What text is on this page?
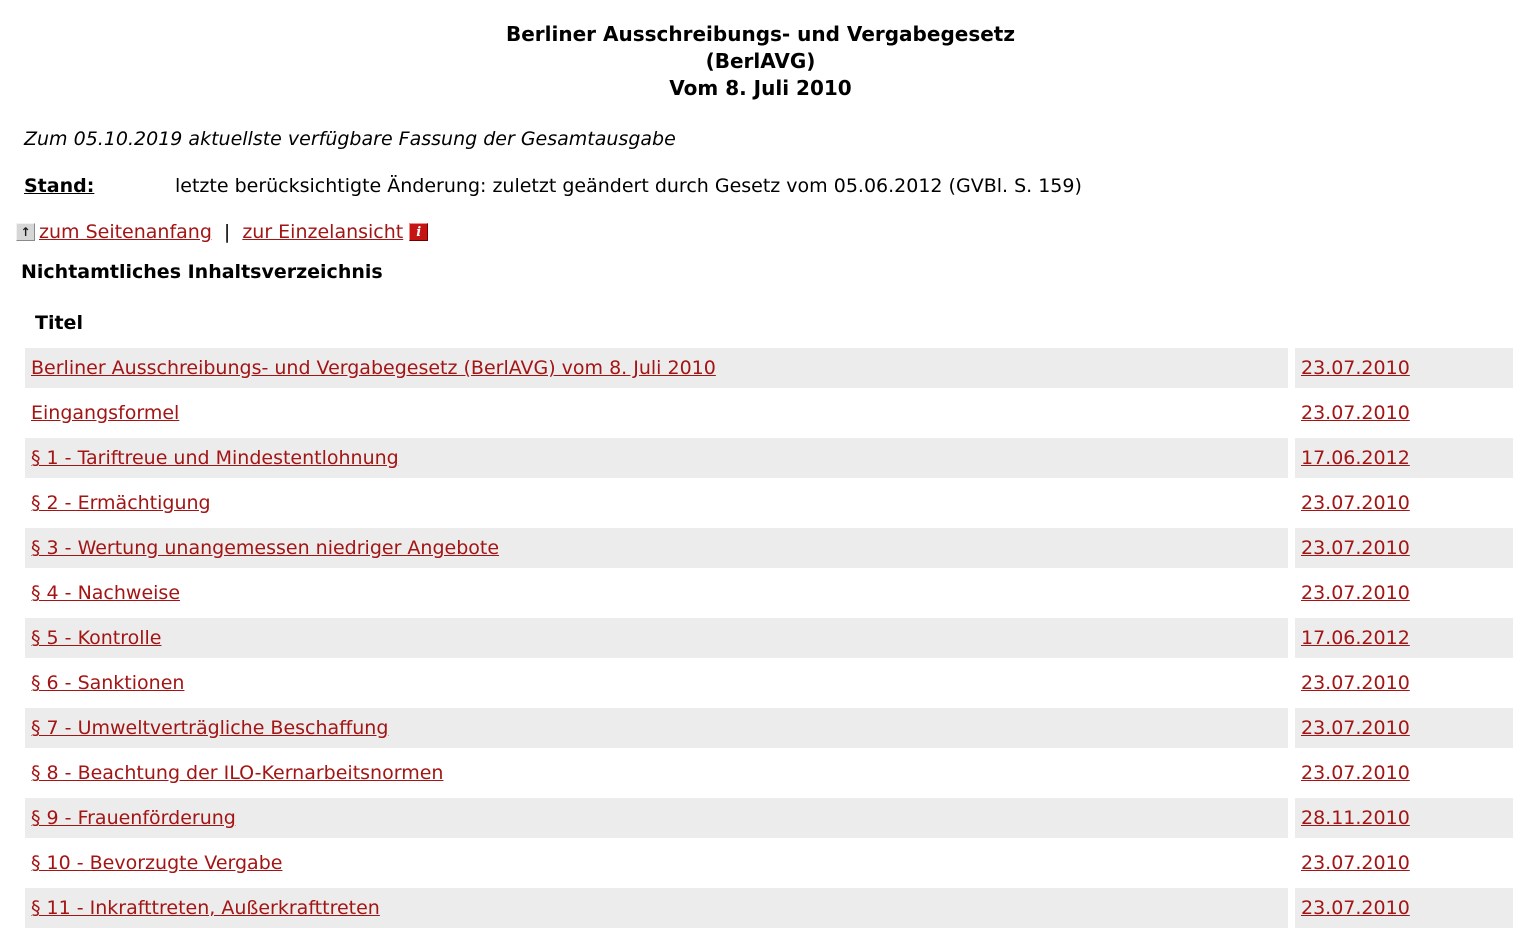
Berliner Ausschreibungs- und Vergabegesetz
(BerlAVG)
Vom 8. Juli 2010
Zum 05.10.2019 aktuellste verfügbare Fassung der Gesamtausgabe
Stand:	letzte berücksichtigte Änderung: zuletzt geändert durch Gesetz vom 05.06.2012 (GVBl. S. 159)
↑ zum Seitenanfang | zur Einzelansicht	i
Nichtamtliches Inhaltsverzeichnis
Titel
Berliner Ausschreibungs- und Vergabegesetz (BerlAVG) vom 8. Juli 2010	23.07.2010
Eingangsformel	23.07.2010
§ 1 - Tariftreue und Mindestentlohnung	17.06.2012
§ 2 - Ermächtigung	23.07.2010
§ 3 - Wertung unangemessen niedriger Angebote	23.07.2010
§ 4 - Nachweise	23.07.2010
§ 5 - Kontrolle	17.06.2012
§ 6 - Sanktionen	23.07.2010
§ 7 - Umweltverträgliche Beschaffung	23.07.2010
§ 8 - Beachtung der ILO-Kernarbeitsnormen	23.07.2010
§ 9 - Frauenförderung	28.11.2010
§ 10 - Bevorzugte Vergabe	23.07.2010
§ 11 - Inkrafttreten, Außerkrafttreten	23.07.2010
